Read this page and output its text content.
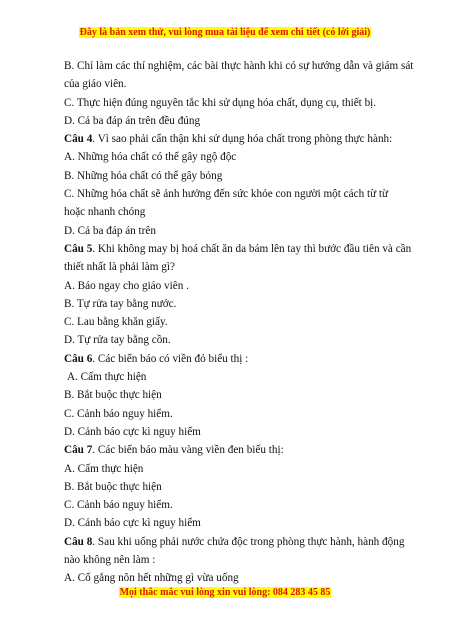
Đây là bản xem thử, vui lòng mua tài liệu để xem chi tiết (có lời giải)
B. Chỉ làm các thí nghiệm, các bài thực hành khi có sự hướng dẫn và giám sát
của giáo viên.
C. Thực hiện đúng nguyên tắc khi sử dụng hóa chất, dụng cụ, thiết bị.
D. Cả ba đáp án trên đều đúng
Câu 4. Vì sao phải cẩn thận khi sử dụng hóa chất trong phòng thực hành:
A. Những hóa chất có thể gây ngộ độc
B. Những hóa chất có thể gây bỏng
C. Những hóa chất sẽ ảnh hưởng đến sức khỏe con người một cách từ từ
hoặc nhanh chóng
D. Cả ba đáp án trên
Câu 5. Khi không may bị hoá chất ăn da bám lên tay thì bước đầu tiên và cần
thiết nhất là phải làm gì?
A. Báo ngay cho giáo viên .
B. Tự rửa tay bằng nước.
C. Lau bằng khăn giấy.
D. Tự rửa tay bằng cồn.
Câu 6. Các biển báo có viền đỏ biểu thị :
A. Cấm thực hiện
B. Bắt buộc thực hiện
C. Cảnh báo nguy hiểm.
D. Cảnh báo cực kì nguy hiểm
Câu 7. Các biển báo màu vàng viền đen biểu thị:
A. Cấm thực hiện
B. Bắt buộc thực hiện
C. Cảnh báo nguy hiểm.
D. Cảnh báo cực kì nguy hiểm
Câu 8. Sau khi uống phải nước chứa độc trong phòng thực hành, hành động
nào không nên làm :
A. Cố gắng nôn hết những gì vừa uống
Mọi thắc mắc vui lòng xin vui lòng: 084 283 45 85
